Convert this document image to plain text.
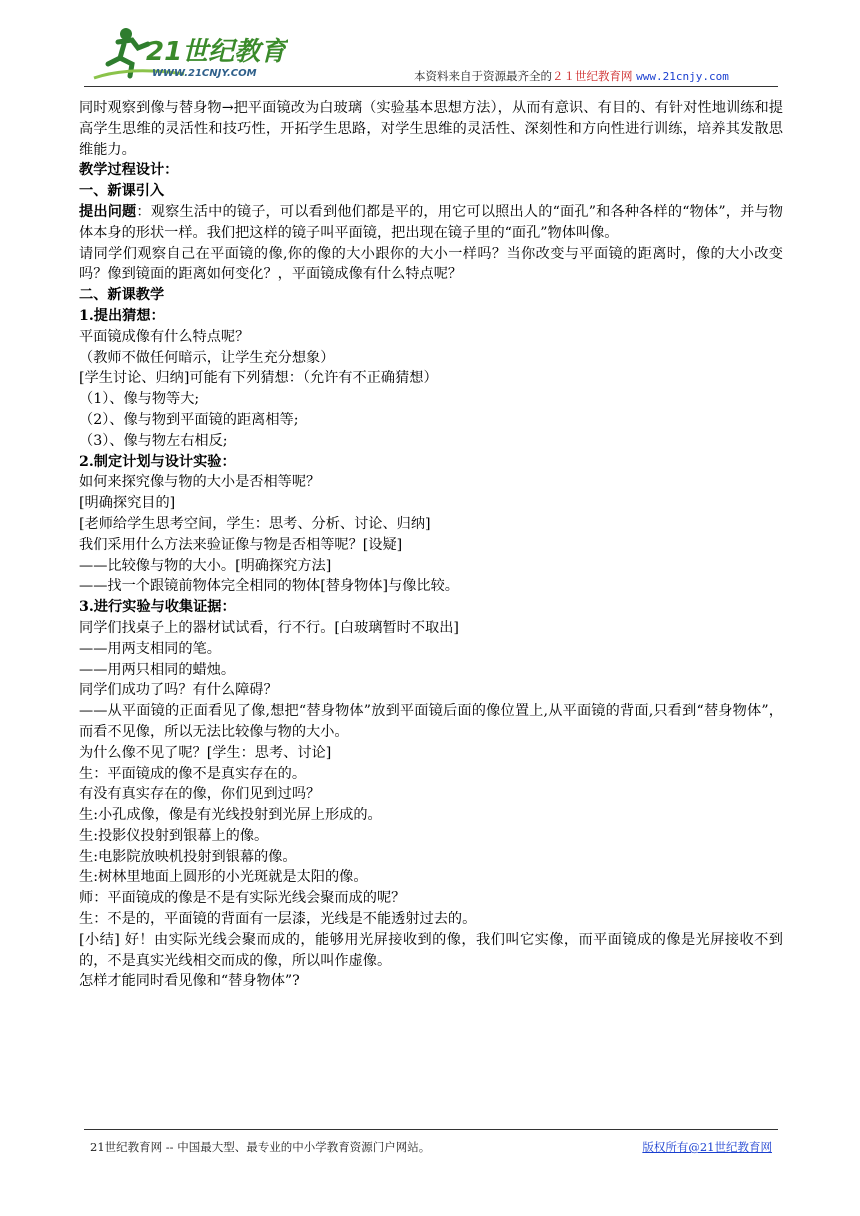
21世纪教育
WWW.21CNJY.COM	本资料来自于资源最齐全的２１世纪教育网 www.21cnjy.com

同时观察到像与替身物→把平面镜改为白玻璃（实验基本思想方法），从而有意识、有目的、有针对性地训练和提高学生思维的灵活性和技巧性，开拓学生思路，对学生思维的灵活性、深刻性和方向性进行训练，培养其发散思维能力。

教学过程设计：

一、新课引入

提出问题：观察生活中的镜子，可以看到他们都是平的，用它可以照出人的“面孔”和各种各样的“物体”，并与物体本身的形状一样。我们把这样的镜子叫平面镜，把出现在镜子里的“面孔”物体叫像。

请同学们观察自己在平面镜的像,你的像的大小跟你的大小一样吗？当你改变与平面镜的距离时，像的大小改变吗？像到镜面的距离如何变化？，平面镜成像有什么特点呢？

二、新课教学

1.提出猜想：

平面镜成像有什么特点呢？

（教师不做任何暗示，让学生充分想象）

[学生讨论、归纳]可能有下列猜想：（允许有不正确猜想）

（1）、像与物等大;

（2）、像与物到平面镜的距离相等;

（3）、像与物左右相反;

2.制定计划与设计实验：

如何来探究像与物的大小是否相等呢？

[明确探究目的]

[老师给学生思考空间，学生：思考、分析、讨论、归纳]

我们采用什么方法来验证像与物是否相等呢？[设疑]

——比较像与物的大小。[明确探究方法]

——找一个跟镜前物体完全相同的物体[替身物体]与像比较。

3.进行实验与收集证据：

同学们找桌子上的器材试试看，行不行。[白玻璃暂时不取出]

——用两支相同的笔。

——用两只相同的蜡烛。

同学们成功了吗？有什么障碍？

——从平面镜的正面看见了像,想把“替身物体”放到平面镜后面的像位置上,从平面镜的背面,只看到“替身物体”，而看不见像，所以无法比较像与物的大小。

为什么像不见了呢？[学生：思考、讨论]

生：平面镜成的像不是真实存在的。

有没有真实存在的像，你们见到过吗？

生:小孔成像，像是有光线投射到光屏上形成的。

生:投影仪投射到银幕上的像。

生:电影院放映机投射到银幕的像。

生:树林里地面上圆形的小光斑就是太阳的像。

师：平面镜成的像是不是有实际光线会聚而成的呢？

生：不是的，平面镜的背面有一层漆，光线是不能透射过去的。

[小结] 好！由实际光线会聚而成的，能够用光屏接收到的像，我们叫它实像，而平面镜成的像是光屏接收不到的，不是真实光线相交而成的像，所以叫作虚像。

怎样才能同时看见像和“替身物体”?

21世纪教育网 -- 中国最大型、最专业的中小学教育资源门户网站。	版权所有@21世纪教育网
